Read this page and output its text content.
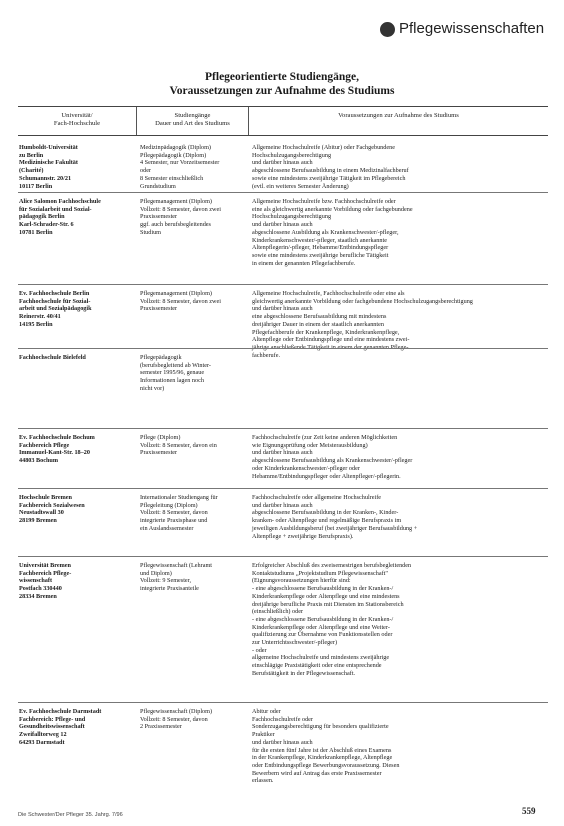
Pflegewissenschaften
Pflegeorientierte Studiengänge,
Voraussetzungen zur Aufnahme des Studiums
Universität/
Fach-Hochschule
Studiengänge
Dauer und Art des Studiums
Voraussetzungen zur Aufnahme des Studiums
Humboldt-Universität
zu Berlin
Medizinische Fakultät
(Charité)
Schumannstr. 20/21
10117 Berlin
Medizinpädagogik (Diplom)
Pflegepädagogik (Diplom)
4 Semester, nur Vorzeitsemester
oder
8 Semester einschließlich
Grundstudium
Allgemeine Hochschulreife (Abitur) oder Fachgebundene
Hochschulzugangsberechtigung
und darüber hinaus auch
abgeschlossene Berufsausbildung in einem Medizinalfachberuf
sowie eine mindestens zweijährige Tätigkeit im Pflegebereich
(evtl. ein weiteres Semester Änderung)
Alice Salomon Fachhochschule
für Sozialarbeit und Sozial-
pädagogik Berlin
Karl-Schrader-Str. 6
10781 Berlin
Pflegemanagement (Diplom)
Vollzeit: 8 Semester, davon zwei
Praxissemester
ggf. auch berufsbegleitendes
Studium
Allgemeine Hochschulreife bzw. Fachhochschulreife oder
eine als gleichwertig anerkannte Vorbildung oder fachgebundene
Hochschulzugangsberechtigung
und darüber hinaus auch
abgeschlossene Ausbildung als Krankenschwester/-pfleger,
Kinderkrankenschwester/-pfleger, staatlich anerkannte
Altenpflegerin/-pfleger, Hebamme/Entbindungspfleger
sowie eine mindestens zweijährige berufliche Tätigkeit
in einem der genannten Pflegefachberufe.
Ev. Fachhochschule Berlin
Fachhochschule für Sozial-
arbeit und Sozialpädagogik
Reinerstr. 40/41
14195 Berlin
Pflegemanagement (Diplom)
Vollzeit: 8 Semester, davon zwei
Praxissemester
Allgemeine Hochschulreife, Fachhochschulreife oder eine als
gleichwertig anerkannte Vorbildung oder fachgebundene Hochschulzugangsberechtigung
und darüber hinaus auch
eine abgeschlossene Berufsausbildung mit mindestens
dreijähriger Dauer in einem der staatlich anerkannten
Pflegefachberufe der Krankenpflege, Kinderkrankenpflege,
Altenpflege oder Entbindungspflege und eine mindestens zwei-
jährige anschließende Tätigkeit in einem der genannten Pflege-
fachberufe.
Fachhochschule Bielefeld	Pflegepädagogik
(berufsbegleitend ab Winter-
semester 1995/96, genaue
Informationen lagen noch
nicht vor)
Ev. Fachhochschule Bochum
Fachbereich Pflege
Immanuel-Kant-Str. 18–20
44803 Bochum
Pflege (Diplom)
Vollzeit: 8 Semester, davon ein
Praxissemester
Fachhochschulreife (zur Zeit keine anderen Möglichkeiten
wie Eignungsprüfung oder Meisterausbildung)
und darüber hinaus auch
abgeschlossene Berufsausbildung als Krankenschwester/-pfleger
oder Kinderkrankenschwester/-pfleger oder
Hebamme/Entbindungspfleger oder Altenpfleger/-pflegerin.
Hochschule Bremen
Fachbereich Sozialwesen
Neustadtswall 30
28199 Bremen
Internationaler Studiengang für
Pflegeleitung (Diplom)
Vollzeit: 8 Semester, davon
integrierte Praxisphase und
ein Auslandssemester
Fachhochschulreife oder allgemeine Hochschulreife
und darüber hinaus auch
abgeschlossene Berufsausbildung in der Kranken-, Kinder-
kranken- oder Altenpflege und regelmäßige Berufspraxis im
jeweiligen Ausbildungsberuf (bei zweijähriger Berufsausbildung +
Altenpflege + zweijährige Berufspraxis).
Universität Bremen
Fachbereich Pflege-
wissenschaft
Postfach 330440
28334 Bremen
Pflegewissenschaft (Lehramt
und Diplom)
Vollzeit: 9 Semester,
integrierte Praxisanteile
Erfolgreicher Abschluß des zweisemestrigen berufsbegleitenden
Kontaktstudiums „Projektstudium Pflegewissenschaft"
(Eignungsvoraussetzungen hierfür sind:
- eine abgeschlossene Berufsausbildung in der Kranken-/
Kinderkrankenpflege oder Altenpflege und eine mindestens
dreijährige berufliche Praxis mit Diensten im Stationsbereich
(einschließlich) oder
- eine abgeschlossene Berufsausbildung in der Kranken-/
Kinderkrankenpflege oder Altenpflege und eine Weiter-
qualifizierung zur Übernahme von Funktionsstellen oder
zur Unterrichtsschwester/-pfleger)
- oder
allgemeine Hochschulreife und mindestens zweijährige
einschlägige Praxistätigkeit oder eine entsprechende
Berufstätigkeit in der Pflegewissenschaft.
Ev. Fachhochschule Darmstadt
Fachbereich: Pflege- und
Gesundheitswissenschaft
Zweifalltorweg 12
64293 Darmstadt
Pflegewissenschaft (Diplom)
Vollzeit: 8 Semester, davon
2 Praxissemester
Abitur oder
Fachhochschulreife oder
Sonderzugangsberechtigung für besonders qualifizierte
Praktiker
und darüber hinaus auch
für die ersten fünf Jahre ist der Abschluß eines Examens
in der Krankenpflege, Kinderkrankenpflege, Altenpflege
oder Entbindungspflege Bewerbungsvoraussetzung. Diesen
Bewerbern wird auf Antrag das erste Praxissemester
erlassen.
Die Schwester/Der Pfleger 35. Jahrg. 7/96	559
